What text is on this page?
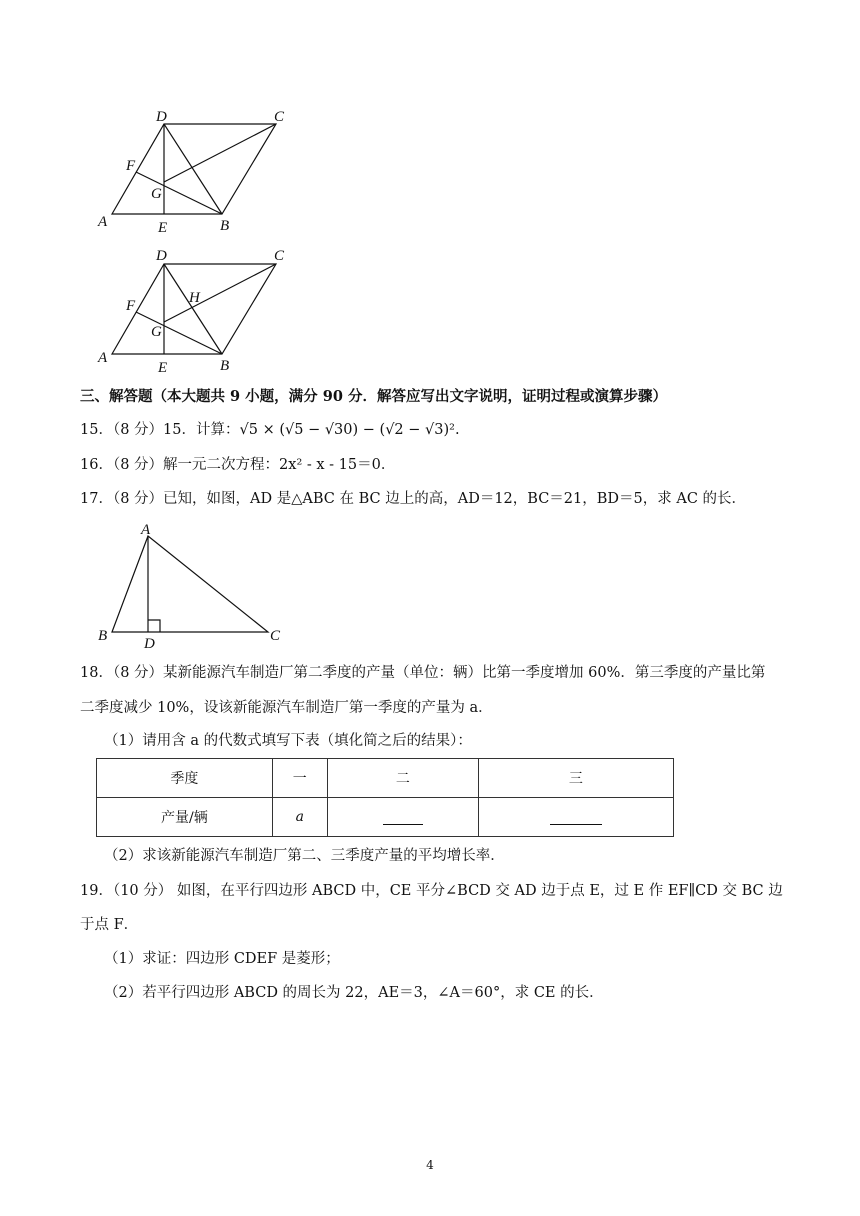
D	C
F
G
A	E	B
D	C
F	H
G
A
E	B
三、解答题（本大题共 9 小题，满分 90 分．解答应写出文字说明，证明过程或演算步骤）
15．（8 分）15．计算：√5 × (√5 − √30) − (√2 − √3)².
16．（8 分）解一元二次方程：2x² - x - 15＝0．
17．（8 分）已知，如图，AD 是△ABC 在 BC 边上的高，AD＝12，BC＝21，BD＝5，求 AC 的长．
A
B D	C
18．（8 分）某新能源汽车制造厂第二季度的产量（单位：辆）比第一季度增加 60%．第三季度的产量比第
二季度减少 10%，设该新能源汽车制造厂第一季度的产量为 a．
（1）请用含 a 的代数式填写下表（填化简之后的结果）：
季度	一	二	三
产量/辆	a		
（2）求该新能源汽车制造厂第二、三季度产量的平均增长率．
19．（10 分） 如图，在平行四边形 ABCD 中，CE 平分∠BCD 交 AD 边于点 E，过 E 作 EF∥CD 交 BC 边
于点 F．
（1）求证：四边形 CDEF 是菱形；
（2）若平行四边形 ABCD 的周长为 22，AE＝3，∠A＝60°，求 CE 的长．
4
